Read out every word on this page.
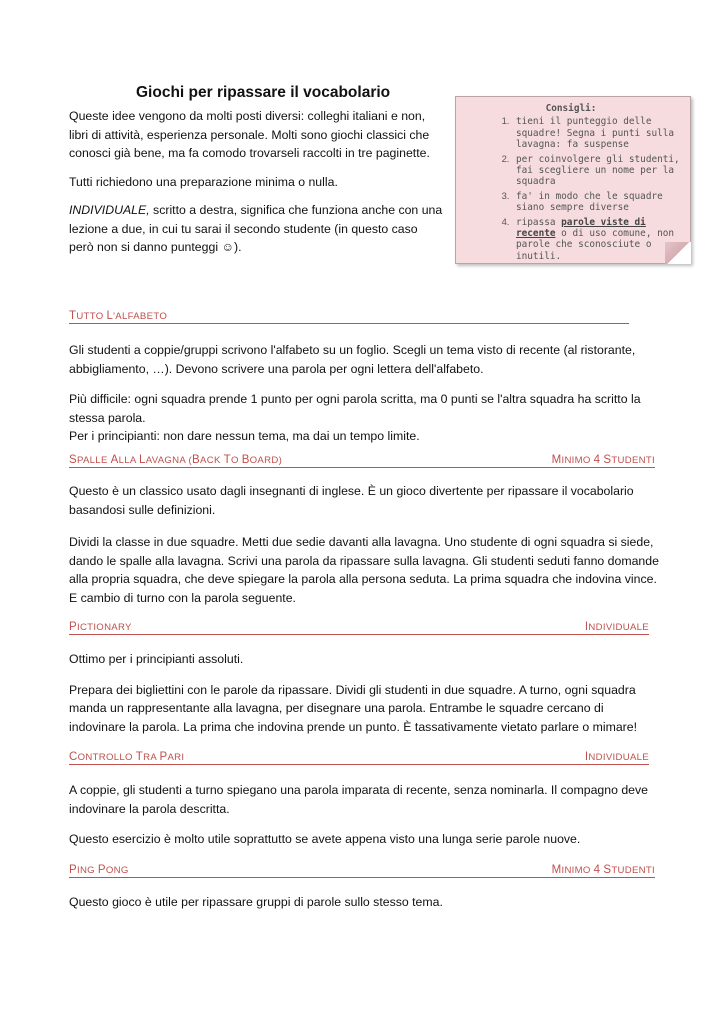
Giochi per ripassare il vocabolario

Queste idee vengono da molti posti diversi: colleghi italiani e non, libri di attività, esperienza personale. Molti sono giochi classici che conosci già bene, ma fa comodo trovarseli raccolti in tre paginette.

Tutti richiedono una preparazione minima o nulla.

INDIVIDUALE, scritto a destra, significa che funziona anche con una lezione a due, in cui tu sarai il secondo studente (in questo caso però non si danno punteggi ☺).

Consigli:
1. tieni il punteggio delle squadre! Segna i punti sulla lavagna: fa suspense
2. per coinvolgere gli studenti, fai scegliere un nome per la squadra
3. fa' in modo che le squadre siano sempre diverse
4. ripassa parole viste di recente o di uso comune, non parole che sconosciute o inutili.
TUTTO L'ALFABETO

Gli studenti a coppie/gruppi scrivono l'alfabeto su un foglio. Scegli un tema visto di recente (al ristorante, abbigliamento, …). Devono scrivere una parola per ogni lettera dell'alfabeto.

Più difficile: ogni squadra prende 1 punto per ogni parola scritta, ma 0 punti se l'altra squadra ha scritto la stessa parola.

Per i principianti: non dare nessun tema, ma dai un tempo limite.

SPALLE ALLA LAVAGNA (BACK TO BOARD)	MINIMO 4 STUDENTI

Questo è un classico usato dagli insegnanti di inglese. È un gioco divertente per ripassare il vocabolario basandosi sulle definizioni.

Dividi la classe in due squadre. Metti due sedie davanti alla lavagna. Uno studente di ogni squadra si siede, dando le spalle alla lavagna. Scrivi una parola da ripassare sulla lavagna. Gli studenti seduti fanno domande alla propria squadra, che deve spiegare la parola alla persona seduta. La prima squadra che indovina vince. E cambio di turno con la parola seguente.

PICTIONARY	INDIVIDUALE

Ottimo per i principianti assoluti.

Prepara dei bigliettini con le parole da ripassare. Dividi gli studenti in due squadre. A turno, ogni squadra manda un rappresentante alla lavagna, per disegnare una parola. Entrambe le squadre cercano di indovinare la parola. La prima che indovina prende un punto. È tassativamente vietato parlare o mimare!

CONTROLLO TRA PARI	INDIVIDUALE

A coppie, gli studenti a turno spiegano una parola imparata di recente, senza nominarla. Il compagno deve indovinare la parola descritta.

Questo esercizio è molto utile soprattutto se avete appena visto una lunga serie parole nuove.

PING PONG	MINIMO 4 STUDENTI

Questo gioco è utile per ripassare gruppi di parole sullo stesso tema.
